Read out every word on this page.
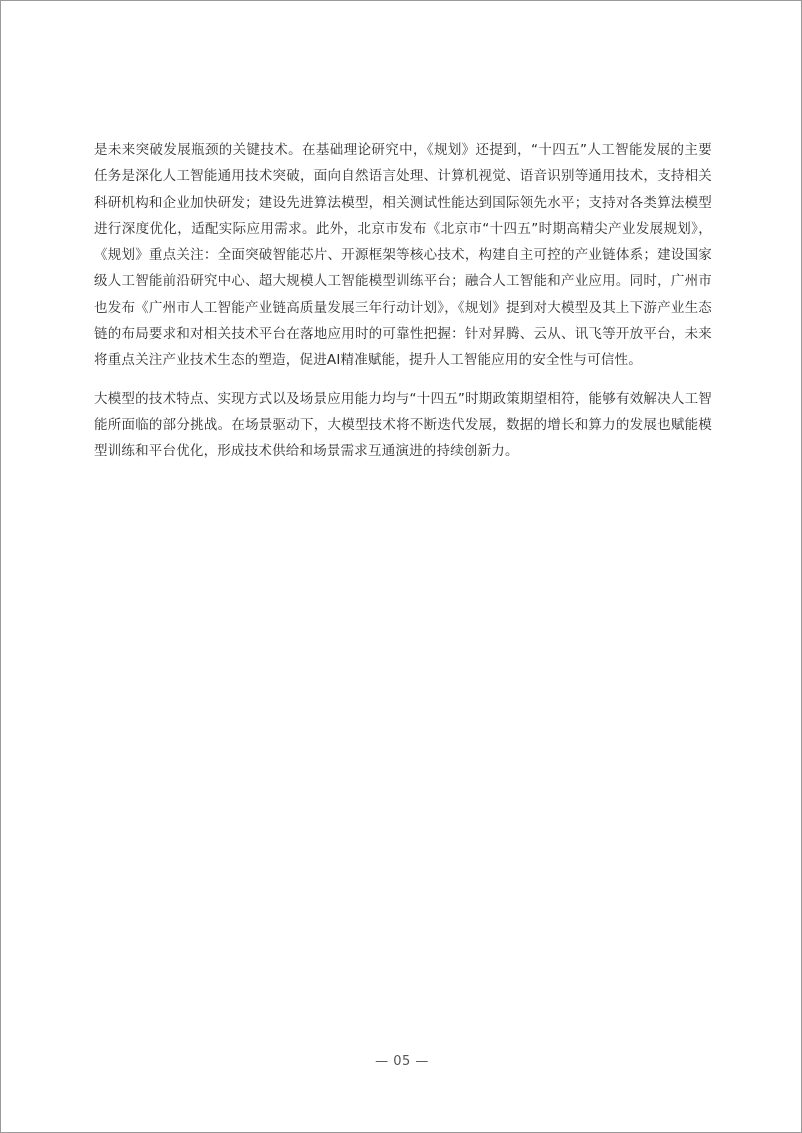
是未来突破发展瓶颈的关键技术。在基础理论研究中，《规划》还提到，“十四五”人工智能发展的主要任务是深化人工智能通用技术突破，面向自然语言处理、计算机视觉、语音识别等通用技术，支持相关科研机构和企业加快研发；建设先进算法模型，相关测试性能达到国际领先水平；支持对各类算法模型进行深度优化，适配实际应用需求。此外，北京市发布《北京市“十四五”时期高精尖产业发展规划》，《规划》重点关注：全面突破智能芯片、开源框架等核心技术，构建自主可控的产业链体系；建设国家级人工智能前沿研究中心、超大规模人工智能模型训练平台；融合人工智能和产业应用。同时，广州市也发布《广州市人工智能产业链高质量发展三年行动计划》，《规划》提到对大模型及其上下游产业生态链的布局要求和对相关技术平台在落地应用时的可靠性把握：针对昇腾、云从、讯飞等开放平台，未来将重点关注产业技术生态的塑造，促进AI精准赋能，提升人工智能应用的安全性与可信性。

大模型的技术特点、实现方式以及场景应用能力均与“十四五”时期政策期望相符，能够有效解决人工智能所面临的部分挑战。在场景驱动下，大模型技术将不断迭代发展，数据的增长和算力的发展也赋能模型训练和平台优化，形成技术供给和场景需求互通演进的持续创新力。

— 05 —
